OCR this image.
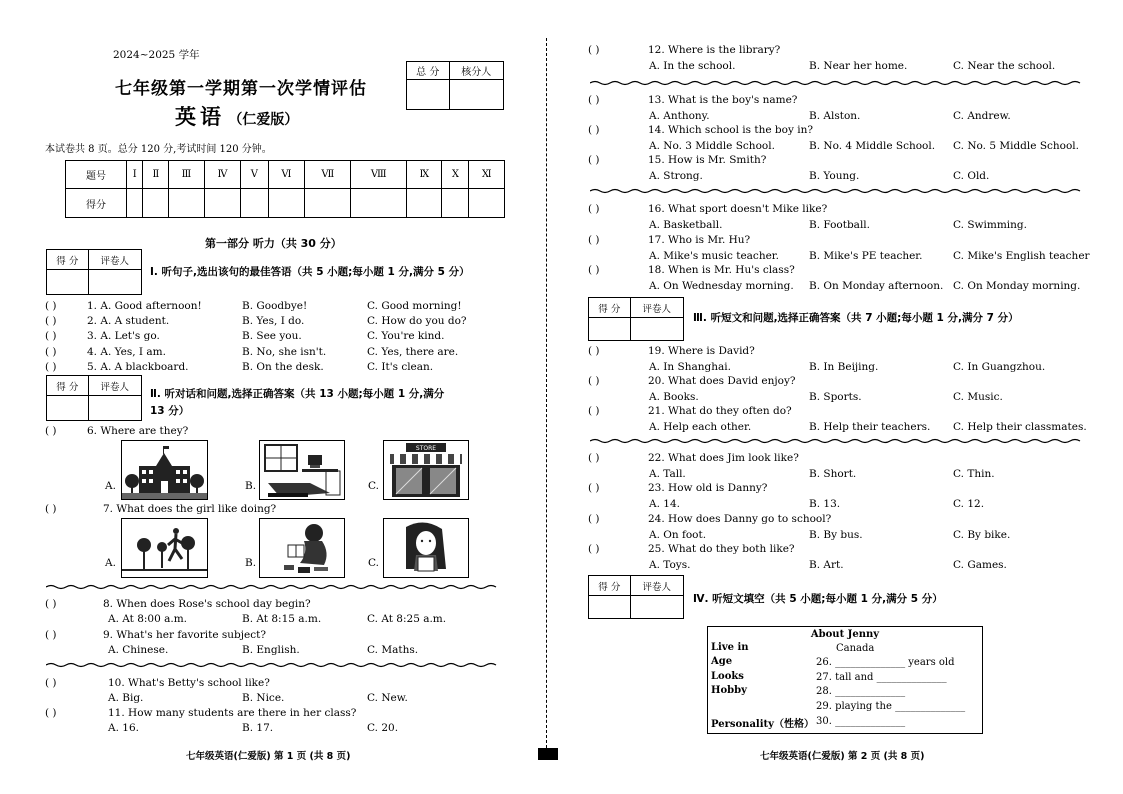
2024~2025 学年
七年级第一学期第一次学情评估
英语 （仁爱版）
总 分	核分人

本试卷共 8 页。总分 120 分,考试时间 120 分钟。
题号	Ⅰ	Ⅱ	Ⅲ	Ⅳ	Ⅴ	Ⅵ	Ⅶ	Ⅷ	Ⅸ	Ⅹ	Ⅺ
得分											
第一部分 听力（共 30 分）
得 分	评卷人

Ⅰ. 听句子,选出该句的最佳答语（共 5 小题;每小题 1 分,满分 5 分）
( )	1. A. Good afternoon!	B. Goodbye!	C. Good morning!
( )	2. A. A student.	B. Yes, I do.	C. How do you do?
( )	3. A. Let's go.	B. See you.	C. You're kind.
( )	4. A. Yes, I am.	B. No, she isn't.	C. Yes, there are.
( )	5. A. A blackboard.	B. On the desk.	C. It's clean.
得 分	评卷人

Ⅱ. 听对话和问题,选择正确答案（共 13 小题;每小题 1 分,满分
13 分）
( )	6. Where are they?
A.	B.	C.
STORE
( )	7. What does the girl like doing?
A.	B.	C.
( )	8. When does Rose's school day begin?
A. At 8:00 a.m.	B. At 8:15 a.m.	C. At 8:25 a.m.
( )	9. What's her favorite subject?
A. Chinese.	B. English.	C. Maths.
( )	10. What's Betty's school like?
A. Big.	B. Nice.	C. New.
( )	11. How many students are there in her class?
A. 16.	B. 17.	C. 20.
七年级英语(仁爱版) 第 1 页 (共 8 页)
( )	12. Where is the library?
A. In the school.	B. Near her home.	C. Near the school.
( )	13. What is the boy's name?
A. Anthony.	B. Alston.	C. Andrew.
( )	14. Which school is the boy in?
A. No. 3 Middle School.	B. No. 4 Middle School. C. No. 5 Middle School.
( )	15. How is Mr. Smith?
A. Strong.	B. Young.	C. Old.
( )	16. What sport doesn't Mike like?
A. Basketball.	B. Football.	C. Swimming.
( )	17. Who is Mr. Hu?
A. Mike's music teacher.	B. Mike's PE teacher.	C. Mike's English teacher
( )	18. When is Mr. Hu's class?
A. On Wednesday morning. B. On Monday afternoon. C. On Monday morning.
( )	19. Where is David?
A. In Shanghai.	B. In Beijing.	C. In Guangzhou.
( )	20. What does David enjoy?
A. Books.	B. Sports.	C. Music.
( )	21. What do they often do?
A. Help each other.	B. Help their teachers. C. Help their classmates.
( )	22. What does Jim look like?
A. Tall.	B. Short.	C. Thin.
( )	23. How old is Danny?
A. 14.	B. 13.	C. 12.
( )	24. How does Danny go to school?
A. On foot.	B. By bus.	C. By bike.
( )	25. What do they both like?
A. Toys.	B. Art.	C. Games.
得 分	评卷人

Ⅲ. 听短文和问题,选择正确答案（共 7 小题;每小题 1 分,满分 7 分）
得 分	评卷人

Ⅳ. 听短文填空（共 5 小题;每小题 1 分,满分 5 分）
About Jenny
Live in	Canada
Age	26. ______________ years old
Looks	27. tall and ______________
Hobby	28. ______________
29. playing the ______________
Personality（性格） 30. ______________
七年级英语(仁爱版) 第 2 页 (共 8 页)
